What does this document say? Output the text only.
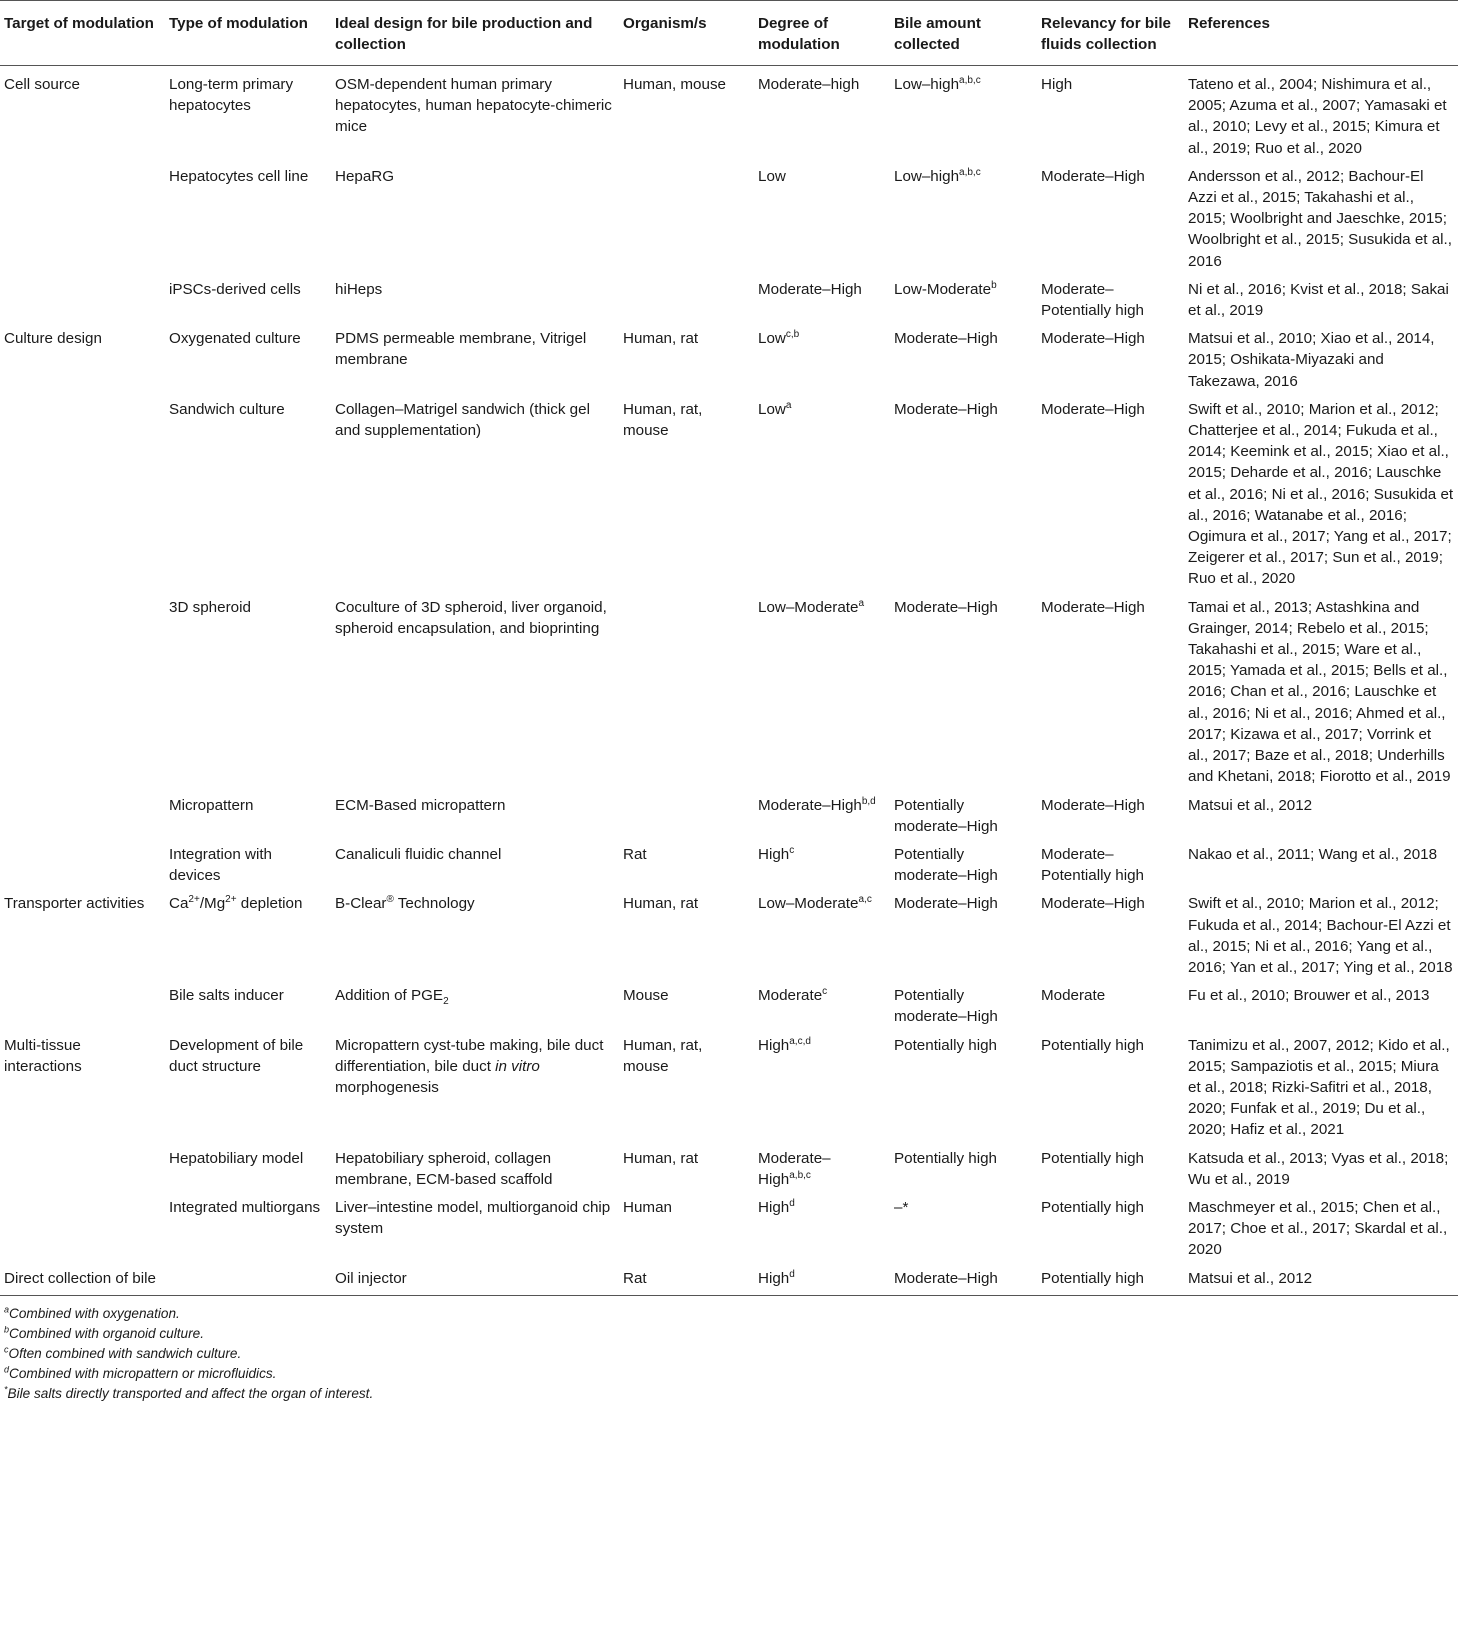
Target of modulation	Type of modulation	Ideal design for bile production and collection	Organism/s	Degree of modulation	Bile amount collected	Relevancy for bile fluids collection	References
Cell source	Long-term primary hepatocytes	OSM-dependent human primary hepatocytes, human hepatocyte-chimeric mice	Human, mouse	Moderate–high	Low–high$^{a,b,c}$	High	Tateno et al., 2004; Nishimura et al., 2005; Azuma et al., 2007; Yamasaki et al., 2010; Levy et al., 2015; Kimura et al., 2019; Ruo et al., 2020
	Hepatocytes cell line	HepaRG		Low	Low–high$^{a,b,c}$	Moderate–High	Andersson et al., 2012; Bachour-El Azzi et al., 2015; Takahashi et al., 2015; Woolbright and Jaeschke, 2015; Woolbright et al., 2015; Susukida et al., 2016
	iPSCs-derived cells	hiHeps		Moderate–High	Low-Moderate$^b$	Moderate– Potentially high	Ni et al., 2016; Kvist et al., 2018; Sakai et al., 2019
Culture design	Oxygenated culture	PDMS permeable membrane, Vitrigel membrane	Human, rat	Low$^{c,b}$	Moderate–High	Moderate–High	Matsui et al., 2010; Xiao et al., 2014, 2015; Oshikata-Miyazaki and Takezawa, 2016
	Sandwich culture	Collagen–Matrigel sandwich (thick gel and supplementation)	Human, rat, mouse	Low$^a$	Moderate–High	Moderate–High	Swift et al., 2010; Marion et al., 2012; Chatterjee et al., 2014; Fukuda et al., 2014; Keemink et al., 2015; Xiao et al., 2015; Deharde et al., 2016; Lauschke et al., 2016; Ni et al., 2016; Susukida et al., 2016; Watanabe et al., 2016; Ogimura et al., 2017; Yang et al., 2017; Zeigerer et al., 2017; Sun et al., 2019; Ruo et al., 2020
	3D spheroid	Coculture of 3D spheroid, liver organoid, spheroid encapsulation, and bioprinting		Low–Moderate$^a$	Moderate–High	Moderate–High	Tamai et al., 2013; Astashkina and Grainger, 2014; Rebelo et al., 2015; Takahashi et al., 2015; Ware et al., 2015; Yamada et al., 2015; Bells et al., 2016; Chan et al., 2016; Lauschke et al., 2016; Ni et al., 2016; Ahmed et al., 2017; Kizawa et al., 2017; Vorrink et al., 2017; Baze et al., 2018; Underhills and Khetani, 2018; Fiorotto et al., 2019
	Micropattern	ECM-Based micropattern		Moderate–High$^{b,d}$	Potentially moderate–High	Moderate–High	Matsui et al., 2012
	Integration with devices	Canaliculi fluidic channel	Rat	High$^c$	Potentially moderate–High	Moderate– Potentially high	Nakao et al., 2011; Wang et al., 2018
Transporter activities	$Ca^{2+}/Mg^{2+}$ depletion	B-Clear® Technology	Human, rat	Low–Moderate$^{a,c}$	Moderate–High	Moderate–High	Swift et al., 2010; Marion et al., 2012; Fukuda et al., 2014; Bachour-El Azzi et al., 2015; Ni et al., 2016; Yang et al., 2016; Yan et al., 2017; Ying et al., 2018
	Bile salts inducer	Addition of $PGE_2$	Mouse	Moderate$^c$	Potentially moderate–High	Moderate	Fu et al., 2010; Brouwer et al., 2013
Multi-tissue interactions	Development of bile duct structure	Micropattern cyst-tube making, bile duct differentiation, bile duct in vitro morphogenesis	Human, rat, mouse	High$^{a,c,d}$	Potentially high	Potentially high	Tanimizu et al., 2007, 2012; Kido et al., 2015; Sampaziotis et al., 2015; Miura et al., 2018; Rizki-Safitri et al., 2018, 2020; Funfak et al., 2019; Du et al., 2020; Hafiz et al., 2021
	Hepatobiliary model	Hepatobiliary spheroid, collagen membrane, ECM-based scaffold	Human, rat	Moderate– High$^{a,b,c}$	Potentially high	Potentially high	Katsuda et al., 2013; Vyas et al., 2018; Wu et al., 2019
	Integrated multiorgans	Liver–intestine model, multiorganoid chip system	Human	High$^d$	–*	Potentially high	Maschmeyer et al., 2015; Chen et al., 2017; Choe et al., 2017; Skardal et al., 2020
Direct collection of bile		Oil injector	Rat	High$^d$	Moderate–High	Potentially high	Matsui et al., 2012
$^a$Combined with oxygenation.
$^b$Combined with organoid culture.
$^c$Often combined with sandwich culture.
$^d$Combined with micropattern or microfluidics.
*Bile salts directly transported and affect the organ of interest.
